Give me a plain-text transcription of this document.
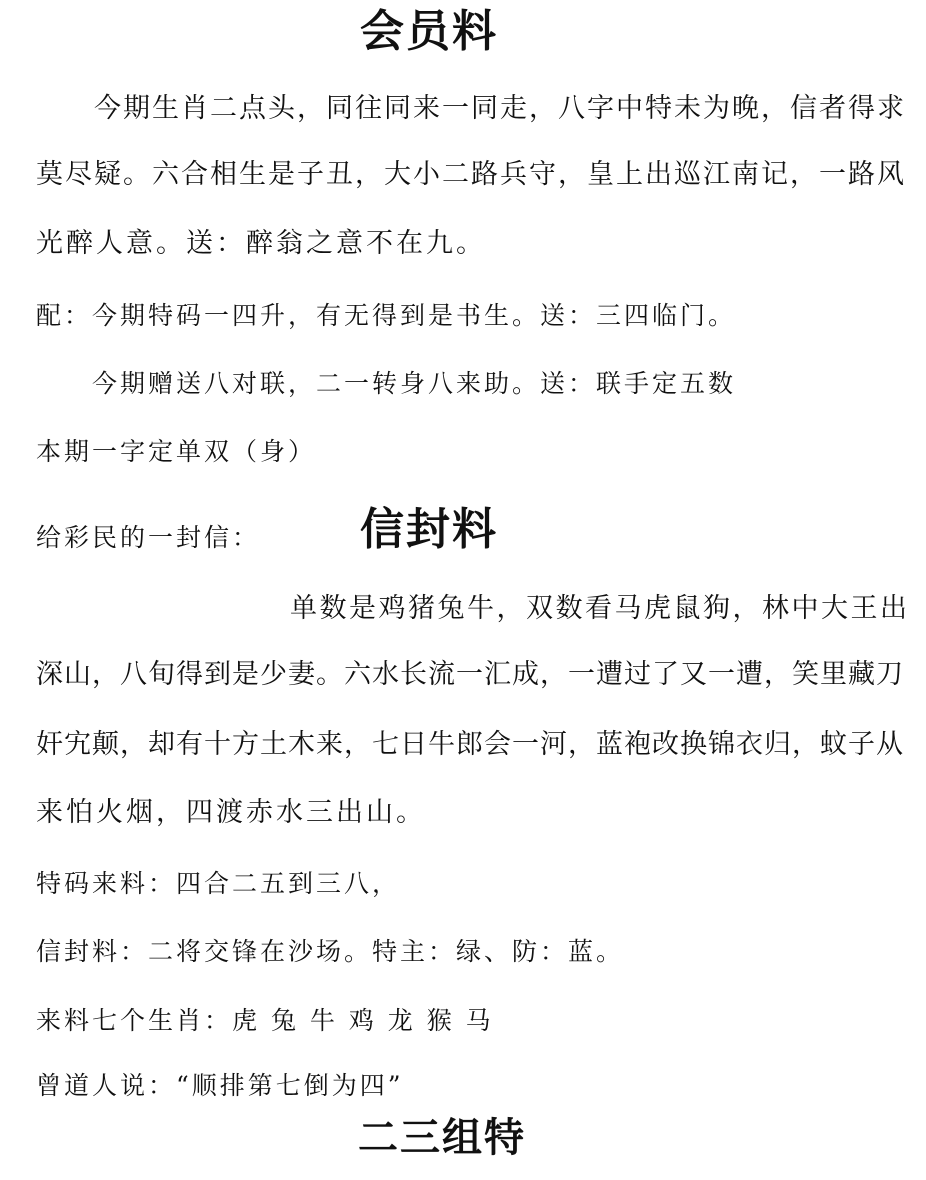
会员料
今期生肖二点头，同往同来一同走，八字中特未为晚，信者得求
莫尽疑。六合相生是子丑，大小二路兵守，皇上出巡江南记，一路风
光醉人意。送：醉翁之意不在九。
配：今期特码一四升，有无得到是书生。送：三四临门。
今期赠送八对联，二一转身八来助。送：联手定五数
本期一字定单双（身）
给彩民的一封信： 信封料
单数是鸡猪兔牛，双数看马虎鼠狗，林中大王出
深山，八旬得到是少妻。六水长流一汇成，一遭过了又一遭，笑里藏刀
奸宄颠，却有十方土木来，七日牛郎会一河，蓝袍改换锦衣归，蚊子从
来怕火烟，四渡赤水三出山。
特码来料：四合二五到三八，
信封料：二将交锋在沙场。特主：绿、防：蓝。
来料七个生肖：虎 兔 牛 鸡 龙 猴 马
曾道人说：“顺排第七倒为四”
二三组特
